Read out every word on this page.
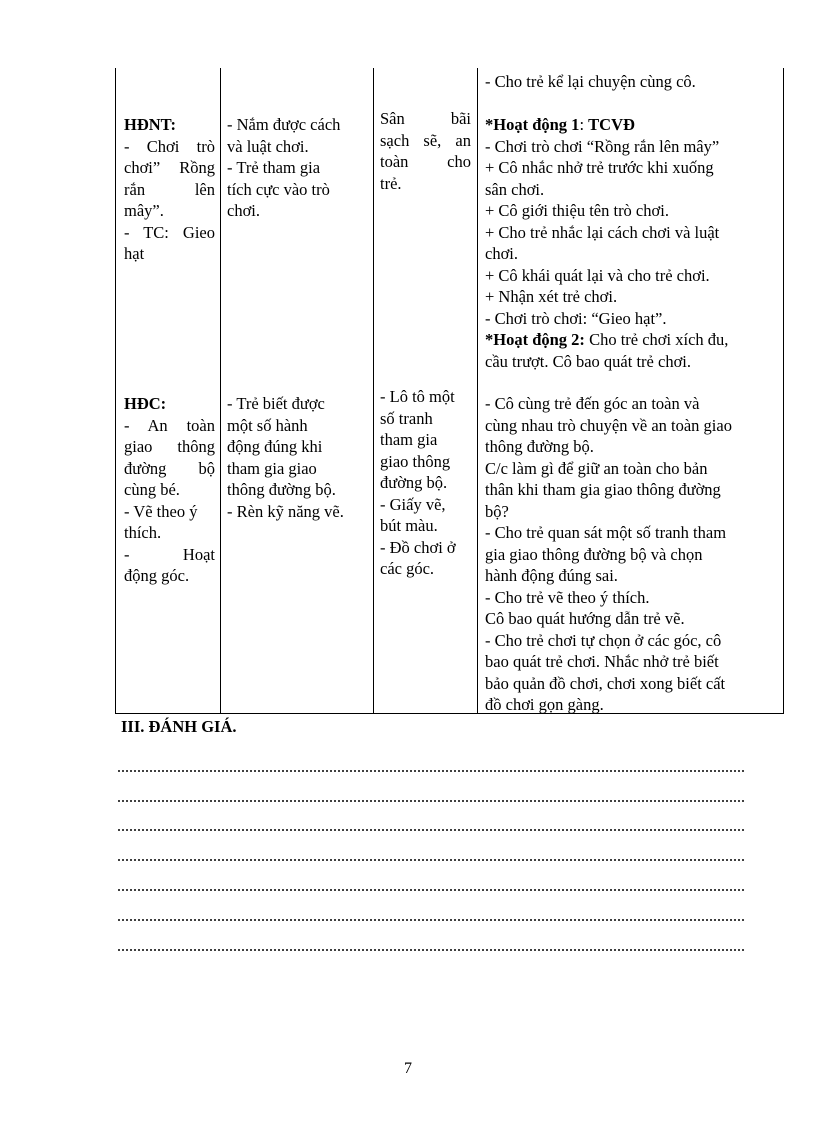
- Cho trẻ kể lại chuyện cùng cô.
HĐNT:
- Chơi trò
chơi” Rồng
rắn lên
mây”.
- TC: Gieo
hạt
- Nắm được cách
và luật chơi.
- Trẻ tham gia
tích cực vào trò
chơi.
Sân bãi
sạch sẽ, an
toàn cho
trẻ.
*Hoạt động 1: TCVĐ
- Chơi trò chơi “Rồng rắn lên mây”
+ Cô nhắc nhở trẻ trước khi xuống
sân chơi.
+ Cô giới thiệu tên trò chơi.
+ Cho trẻ nhắc lại cách chơi và luật
chơi.
+ Cô khái quát lại và cho trẻ chơi.
+ Nhận xét trẻ chơi.
- Chơi trò chơi: “Gieo hạt”.
*Hoạt động 2: Cho trẻ chơi xích đu,
cầu trượt. Cô bao quát trẻ chơi.
HĐC:
- An toàn
giao thông
đường bộ
cùng bé.
- Vẽ theo ý
thích.
- Hoạt
động góc.
- Trẻ biết được
một số hành
động đúng khi
tham gia giao
thông đường bộ.
- Rèn kỹ năng vẽ.
- Lô tô một
số tranh
tham gia
giao thông
đường bộ.
- Giấy vẽ,
bút màu.
- Đồ chơi ở
các góc.
- Cô cùng trẻ đến góc an toàn và
cùng nhau trò chuyện về an toàn giao
thông đường bộ.
C/c làm gì để giữ an toàn cho bản
thân khi tham gia giao thông đường
bộ?
- Cho trẻ quan sát một số tranh tham
gia giao thông đường bộ và chọn
hành động đúng sai.
- Cho trẻ vẽ theo ý thích.
Cô bao quát hướng dẫn trẻ vẽ.
- Cho trẻ chơi tự chọn ở các góc, cô
bao quát trẻ chơi. Nhắc nhở trẻ biết
bảo quản đồ chơi, chơi xong biết cất
đồ chơi gọn gàng.
III. ĐÁNH GIÁ.
7
